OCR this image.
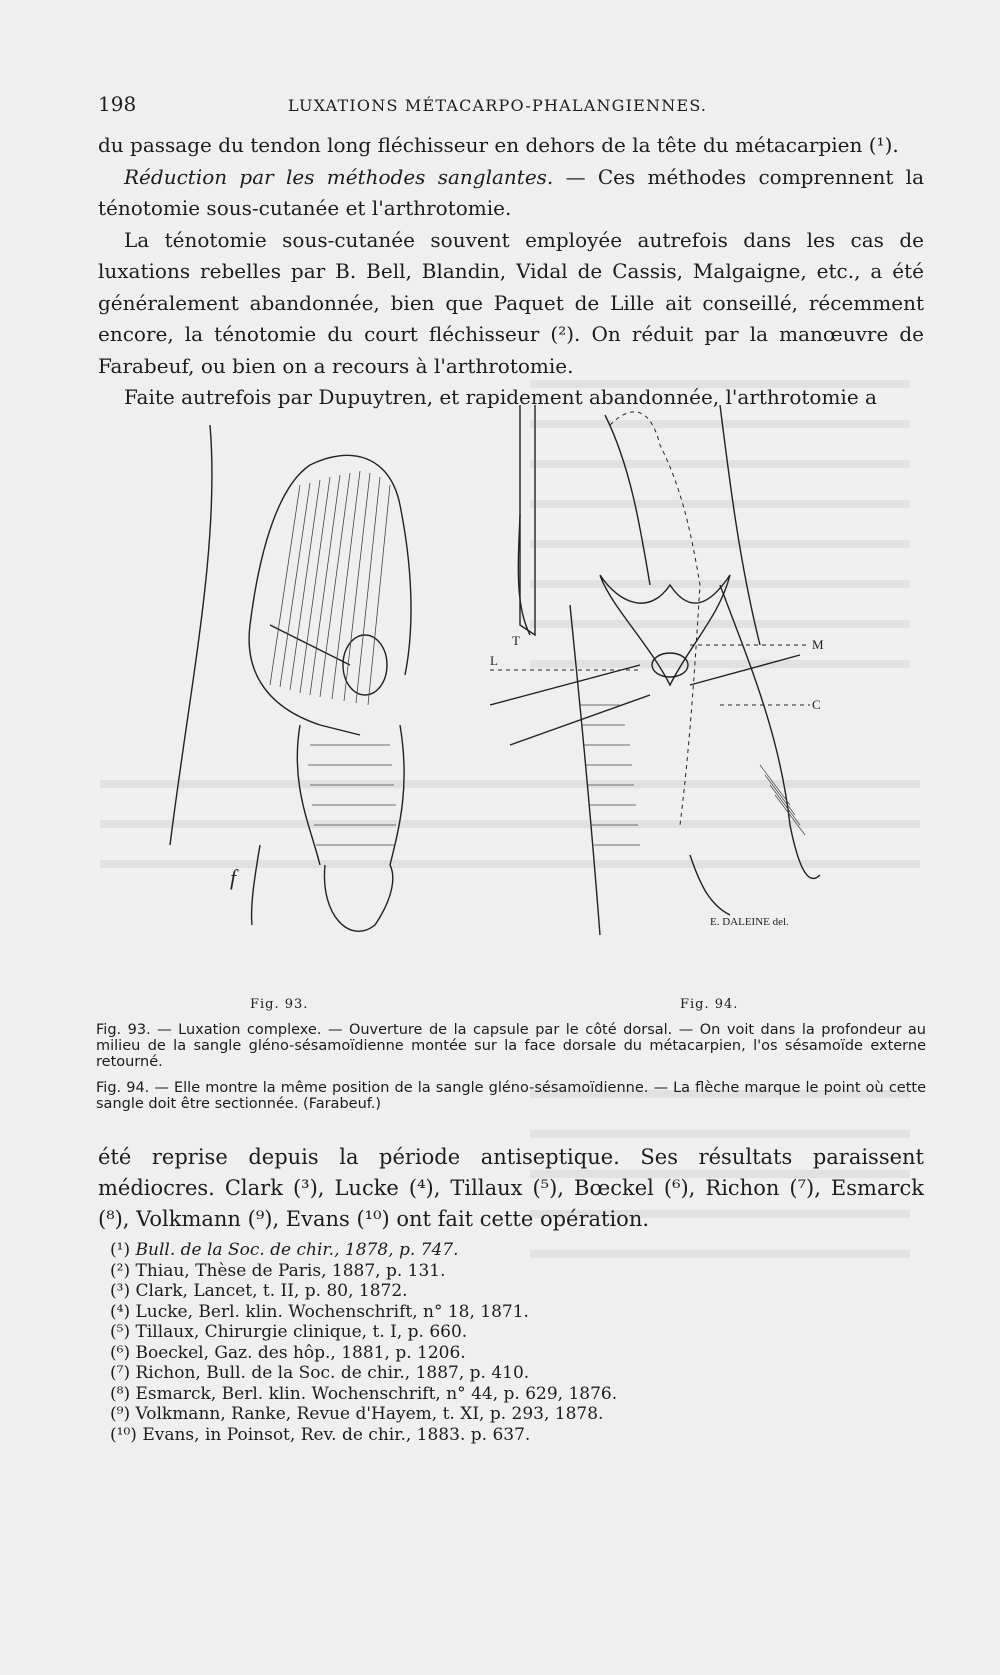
198	LUXATIONS MÉTACARPO-PHALANGIENNES.

du passage du tendon long fléchisseur en dehors de la tête du métacarpien (¹).

Réduction par les méthodes sanglantes. — Ces méthodes comprennent la ténotomie sous-cutanée et l'arthrotomie.

La ténotomie sous-cutanée souvent employée autrefois dans les cas de luxations rebelles par B. Bell, Blandin, Vidal de Cassis, Malgaigne, etc., a été généralement abandonnée, bien que Paquet de Lille ait conseillé, récemment encore, la ténotomie du court fléchisseur (²). On réduit par la manœuvre de Farabeuf, ou bien on a recours à l'arthrotomie.

Faite autrefois par Dupuytren, et rapidement abandonnée, l'arthrotomie a

f
T
L
M
C
E. DALEINE del.
Fig. 93.	Fig. 94.

Fig. 93. — Luxation complexe. — Ouverture de la capsule par le côté dorsal. — On voit dans la profondeur au milieu de la sangle gléno-sésamoïdienne montée sur la face dorsale du métacarpien, l'os sésamoïde externe retourné.

Fig. 94. — Elle montre la même position de la sangle gléno-sésamoïdienne. — La flèche marque le point où cette sangle doit être sectionnée. (Farabeuf.)

été reprise depuis la période antiseptique. Ses résultats paraissent médiocres. Clark (³), Lucke (⁴), Tillaux (⁵), Bœckel (⁶), Richon (⁷), Esmarck (⁸), Volkmann (⁹), Evans (¹⁰) ont fait cette opération.

(¹) Bull. de la Soc. de chir., 1878, p. 747.
(²) Thiau, Thèse de Paris, 1887, p. 131.
(³) Clark, Lancet, t. II, p. 80, 1872.
(⁴) Lucke, Berl. klin. Wochenschrift, n° 18, 1871.
(⁵) Tillaux, Chirurgie clinique, t. I, p. 660.
(⁶) Boeckel, Gaz. des hôp., 1881, p. 1206.
(⁷) Richon, Bull. de la Soc. de chir., 1887, p. 410.
(⁸) Esmarck, Berl. klin. Wochenschrift, n° 44, p. 629, 1876.
(⁹) Volkmann, Ranke, Revue d'Hayem, t. XI, p. 293, 1878.
(¹⁰) Evans, in Poinsot, Rev. de chir., 1883. p. 637.
